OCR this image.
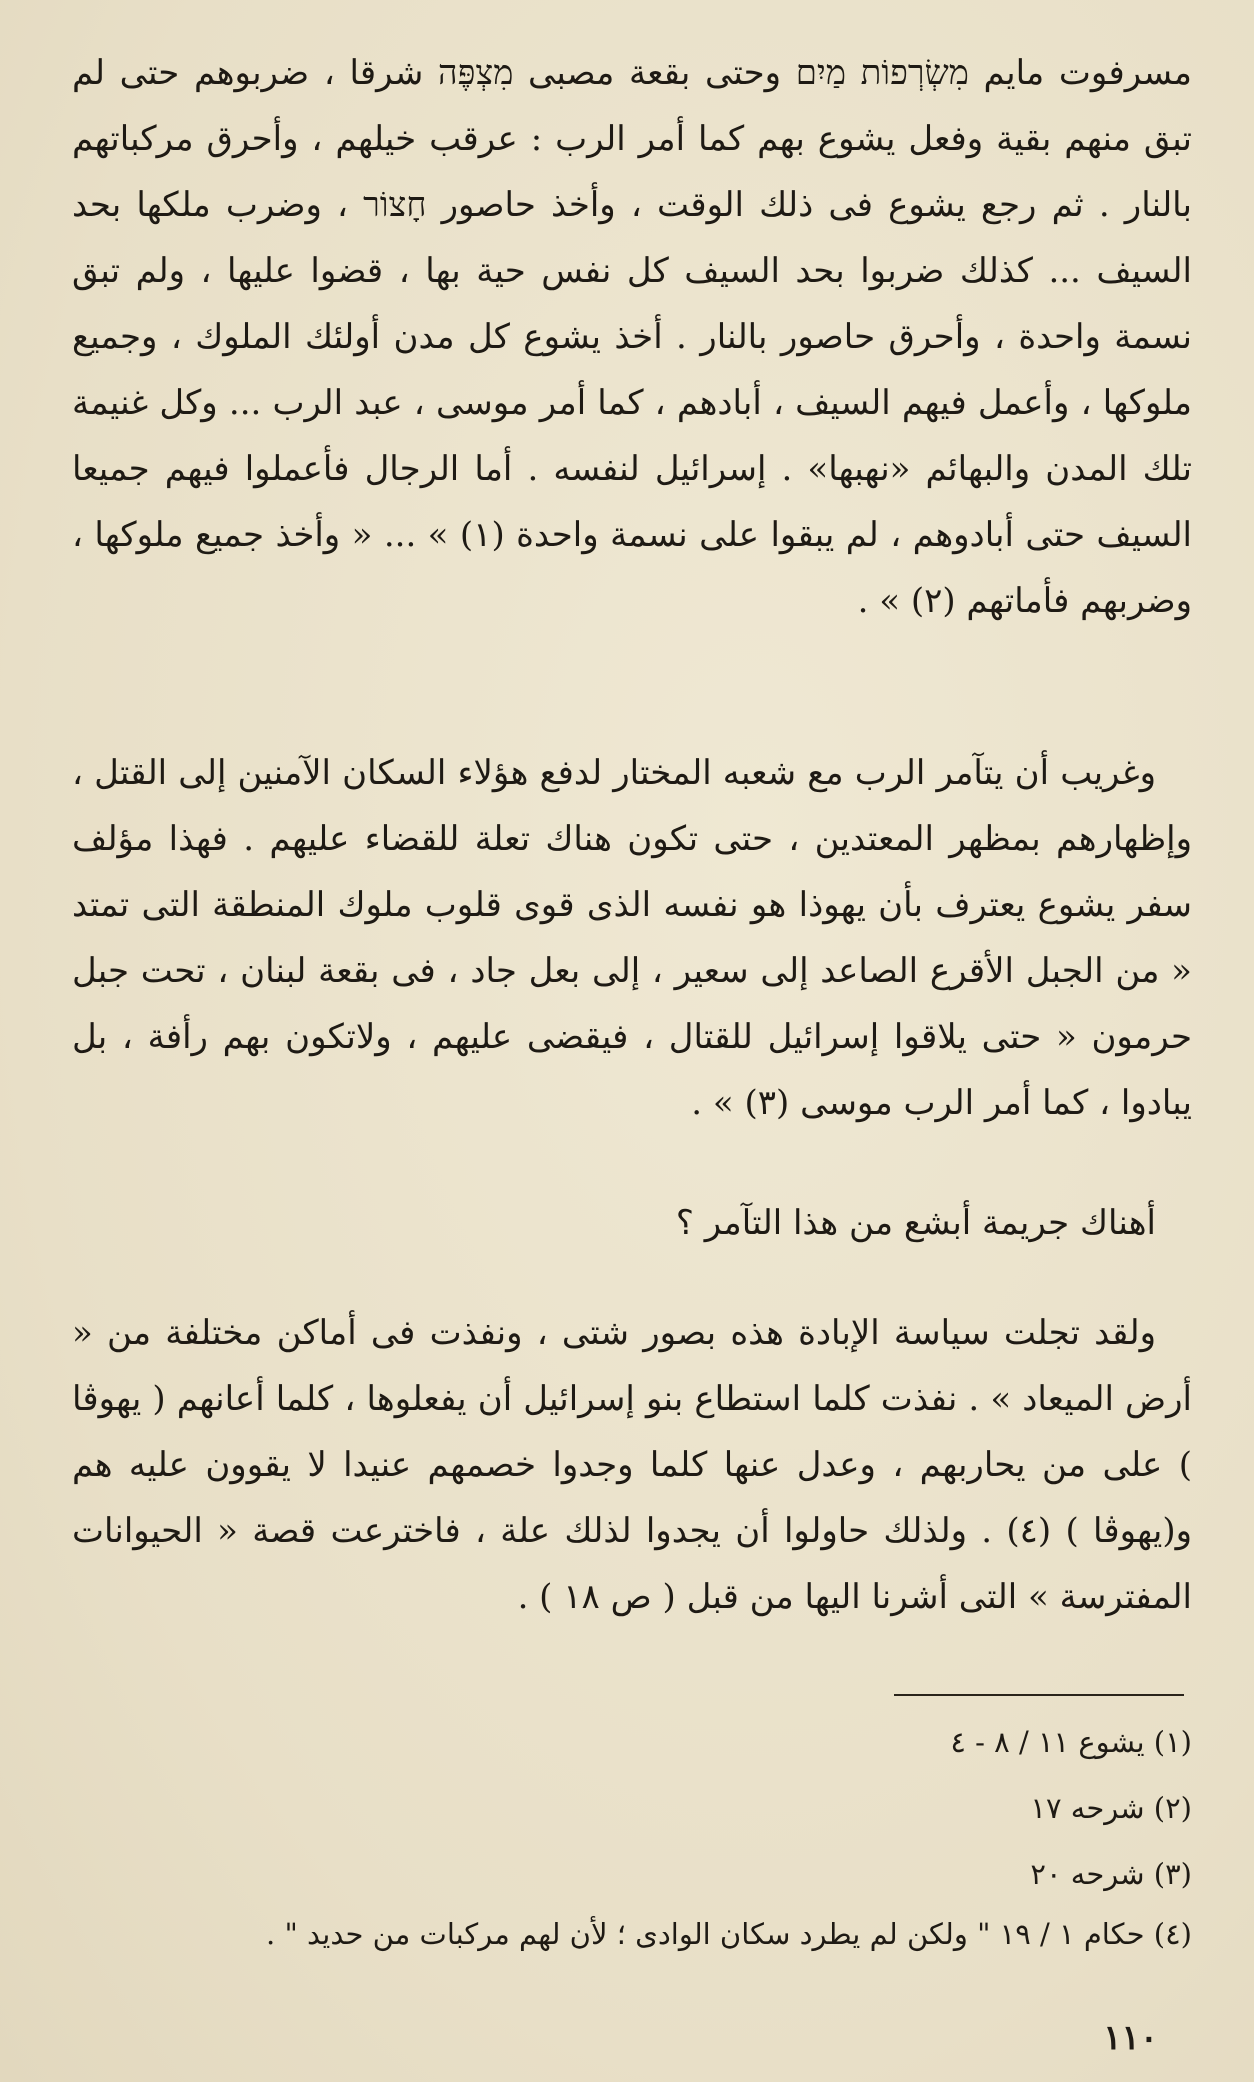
مسرفوت مايم מִשְׂרְפוֹת מַיִם وحتى بقعة مصبى מִצְפֶּה شرقا ، ضربوهم حتى لم تبق منهم بقية وفعل يشوع بهم كما أمر الرب : عرقب خيلهم ، وأحرق مركباتهم بالنار . ثم رجع يشوع فى ذلك الوقت ، وأخذ حاصور חָצוֹר ، وضرب ملكها بحد السيف ... كذلك ضربوا بحد السيف كل نفس حية بها ، قضوا عليها ، ولم تبق نسمة واحدة ، وأحرق حاصور بالنار . أخذ يشوع كل مدن أولئك الملوك ، وجميع ملوكها ، وأعمل فيهم السيف ، أبادهم ، كما أمر موسى ، عبد الرب ... وكل غنيمة تلك المدن والبهائم «نهبها» . إسرائيل لنفسه . أما الرجال فأعملوا فيهم جميعا السيف حتى أبادوهم ، لم يبقوا على نسمة واحدة (١) » ... « وأخذ جميع ملوكها ، وضربهم فأماتهم (٢) » .
وغريب أن يتآمر الرب مع شعبه المختار لدفع هؤلاء السكان الآمنين إلى القتل ، وإظهارهم بمظهر المعتدين ، حتى تكون هناك تعلة للقضاء عليهم . فهذا مؤلف سفر يشوع يعترف بأن يهوذا هو نفسه الذى قوى قلوب ملوك المنطقة التى تمتد « من الجبل الأقرع الصاعد إلى سعير ، إلى بعل جاد ، فى بقعة لبنان ، تحت جبل حرمون « حتى يلاقوا إسرائيل للقتال ، فيقضى عليهم ، ولاتكون بهم رأفة ، بل يبادوا ، كما أمر الرب موسى (٣) » .
أهناك جريمة أبشع من هذا التآمر ؟
ولقد تجلت سياسة الإبادة هذه بصور شتى ، ونفذت فى أماكن مختلفة من « أرض الميعاد » . نفذت كلما استطاع بنو إسرائيل أن يفعلوها ، كلما أعانهم ( يهوڤا ) على من يحاربهم ، وعدل عنها كلما وجدوا خصمهم عنيدا لا يقوون عليه هم و(يهوڤا ) (٤) . ولذلك حاولوا أن يجدوا لذلك علة ، فاخترعت قصة « الحيوانات المفترسة » التى أشرنا اليها من قبل ( ص ١٨ ) .
(١) يشوع ١١ / ٨ - ٤
(٢) شرحه ١٧
(٣) شرحه ٢٠
(٤) حكام ١ / ١٩ " ولكن لم يطرد سكان الوادى ؛ لأن لهم مركبات من حديد " .
١١٠
